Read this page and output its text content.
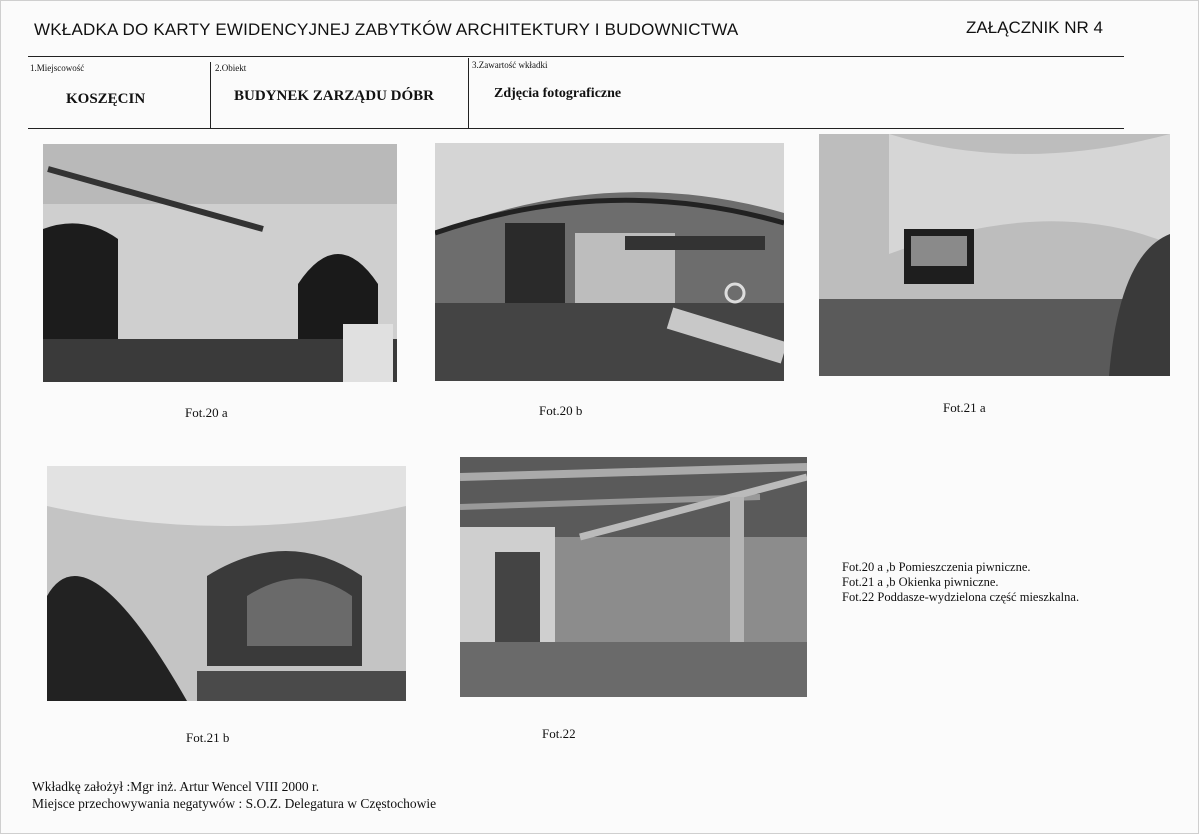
WKŁADKA DO KARTY EWIDENCYJNEJ ZABYTKÓW ARCHITEKTURY I BUDOWNICTWA	ZAŁĄCZNIK NR 4
1.Miejscowość	2.Obiekt	3.Zawartość wkładki
KOSZĘCIN	BUDYNEK ZARZĄDU DÓBR	Zdjęcia fotograficzne
Fot.20 a	Fot.20 b	Fot.21 a
Fot.21 b	Fot.22
Fot.20 a ,b Pomieszczenia piwniczne.
Fot.21 a ,b Okienka piwniczne.
Fot.22 Poddasze-wydzielona część mieszkalna.
Wkładkę założył :Mgr inż. Artur Wencel VIII 2000 r.
Miejsce przechowywania negatywów : S.O.Z. Delegatura w Częstochowie
